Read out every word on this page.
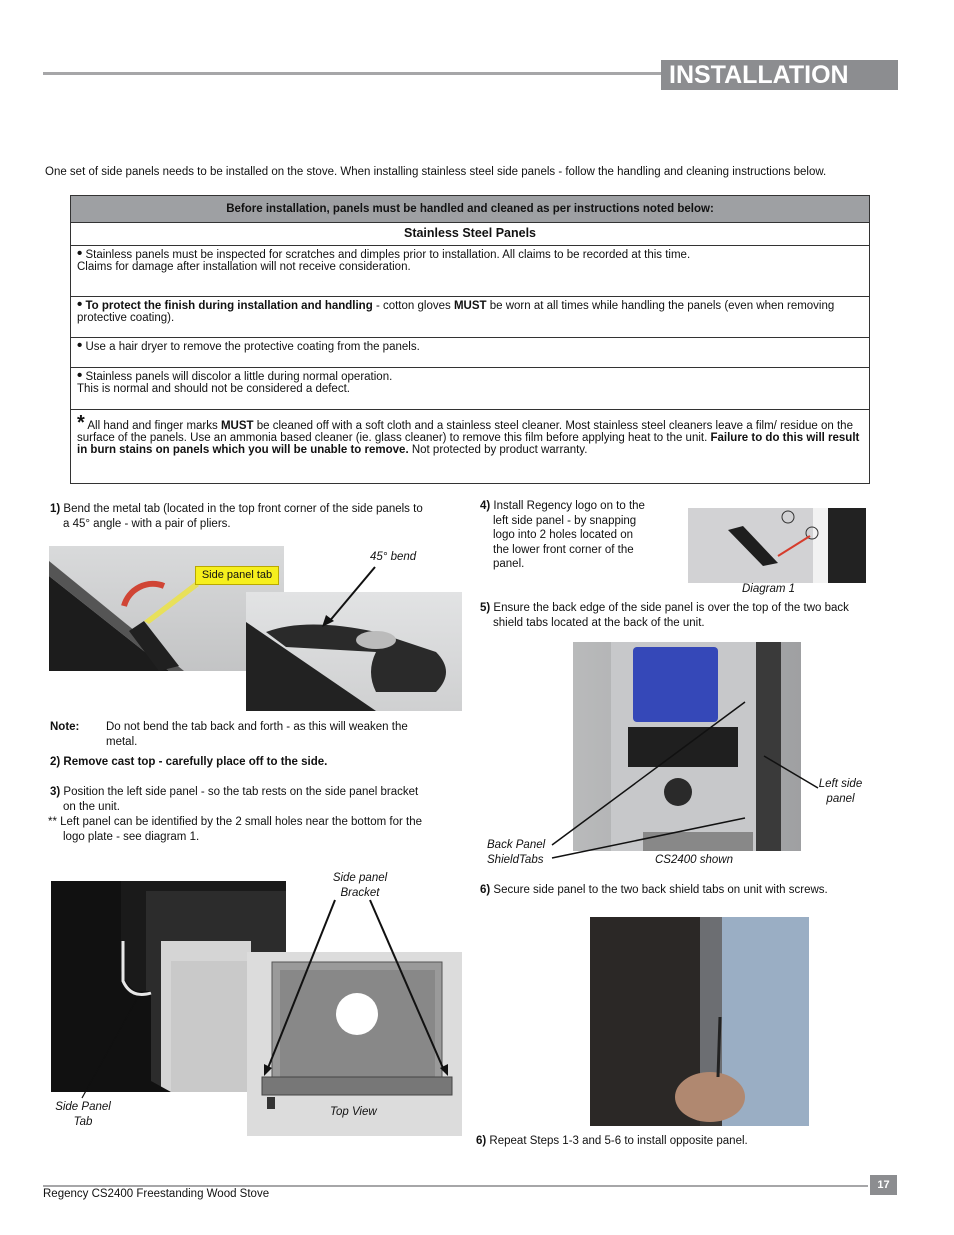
INSTALLATION
One set of side panels needs to be installed on the stove. When installing stainless steel side panels - follow the handling and cleaning instructions below.
Before installation, panels must be handled and cleaned as per instructions noted below:
Stainless Steel Panels
• Stainless panels must be inspected for scratches and dimples prior to installation. All claims to be recorded at this time.
Claims for damage after installation will not receive consideration.
• To protect the finish during installation and handling - cotton gloves MUST be worn at all times while handling the panels (even when removing protective coating).
• Use a hair dryer to remove the protective coating from the panels.
• Stainless panels will discolor a little during normal operation.
This is normal and should not be considered a defect.
* All hand and finger marks MUST be cleaned off with a soft cloth and a stainless steel cleaner. Most stainless steel cleaners leave a film/ residue on the surface of the panels. Use an ammonia based cleaner (ie. glass cleaner) to remove this film before applying heat to the unit. Failure to do this will result in burn stains on panels which you will be unable to remove. Not protected by product warranty.
1) Bend the metal tab (located in the top front corner of the side panels to
a 45° angle - with a pair of pliers.
Side panel tab
45° bend
Note: Do not bend the tab back and forth - as this will weaken the
metal.
2) Remove cast top - carefully place off to the side.
3) Position the left side panel - so the tab rests on the side panel bracket
on the unit.
** Left panel can be identified by the 2 small holes near the bottom for the
logo plate - see diagram 1.
Side Panel
Tab
Top View
Side panel
Bracket
4) Install Regency logo on to the
left side panel - by snapping
logo into 2 holes located on
the lower front corner of the
panel.
Diagram 1
5) Ensure the back edge of the side panel is over the top of the two back
shield tabs located at the back of the unit.
Left side
panel
Back Panel
ShieldTabs	CS2400 shown
6) Secure side panel to the two back shield tabs on unit with screws.
6) Repeat Steps 1-3 and 5-6 to install opposite panel.
17
Regency CS2400 Freestanding Wood Stove
